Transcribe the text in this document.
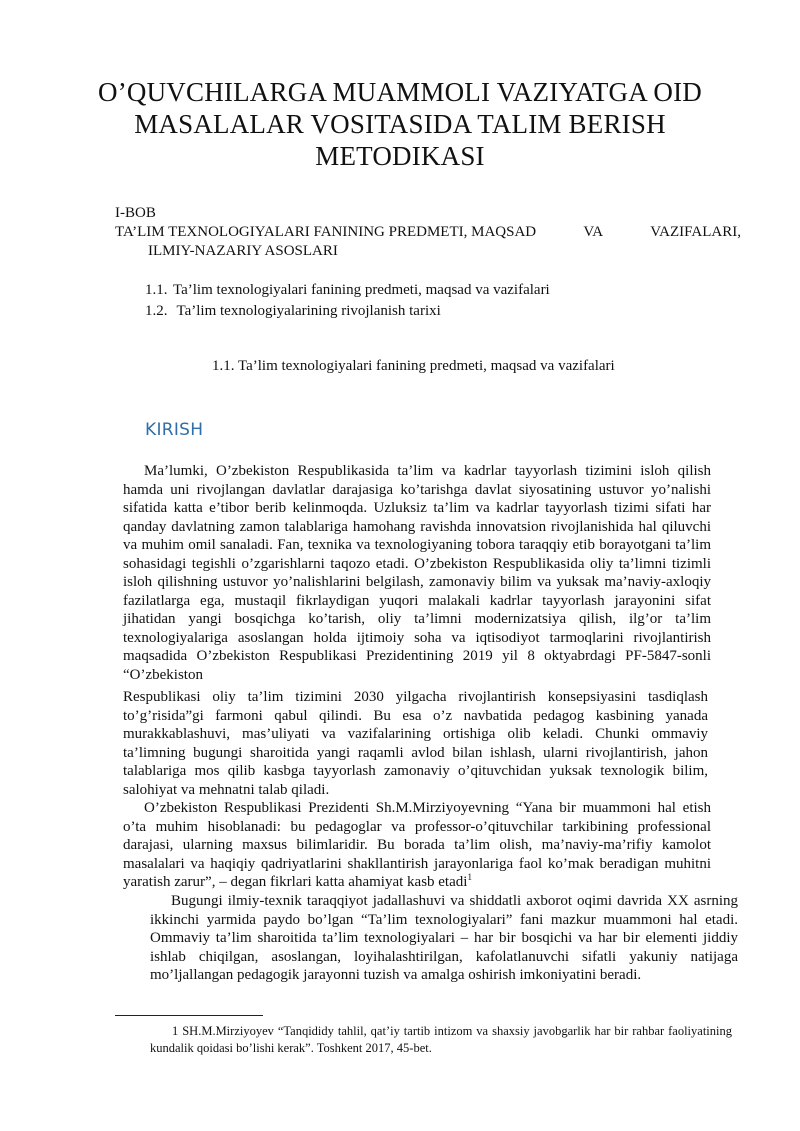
O’QUVCHILARGA MUAMMOLI VAZIYATGA OID MASALALAR VOSITASIDA TALIM BERISH METODIKASI
I-BOB
TA’LIM TEXNOLOGIYALARI FANINING PREDMETI, MAQSAD	VA	VAZIFALARI,
ILMIY-NAZARIY ASOSLARI
1.1. Ta’lim texnologiyalari fanining predmeti, maqsad va vazifalari
1.2. Ta’lim texnologiyalarining rivojlanish tarixi
1.1. Ta’lim texnologiyalari fanining predmeti, maqsad va vazifalari
KIRISH

Ma’lumki, O’zbekiston Respublikasida ta’lim va kadrlar tayyorlash tizimini isloh qilish hamda uni rivojlangan davlatlar darajasiga ko’tarishga davlat siyosatining ustuvor yo’nalishi sifatida katta e’tibor berib kelinmoqda. Uzluksiz ta’lim va kadrlar tayyorlash tizimi sifati har qanday davlatning zamon talablariga hamohang ravishda innovatsion rivojlanishida hal qiluvchi va muhim omil sanaladi. Fan, texnika va texnologiyaning tobora taraqqiy etib borayotgani ta’lim sohasidagi tegishli o’zgarishlarni taqozo etadi. O’zbekiston Respublikasida oliy ta’limni tizimli isloh qilishning ustuvor yo’nalishlarini belgilash, zamonaviy bilim va yuksak ma’naviy-axloqiy fazilatlarga ega, mustaqil fikrlaydigan yuqori malakali kadrlar tayyorlash jarayonini sifat jihatidan yangi bosqichga ko’tarish, oliy ta’limni modernizatsiya qilish, ilg’or ta’lim texnologiyalariga asoslangan holda ijtimoiy soha va iqtisodiyot tarmoqlarini rivojlantirish maqsadida O’zbekiston Respublikasi Prezidentining 2019 yil 8 oktyabrdagi PF-5847-sonli “O’zbekiston

Respublikasi oliy ta’lim tizimini 2030 yilgacha rivojlantirish konsepsiyasini tasdiqlash to’g’risida”gi farmoni qabul qilindi. Bu esa o’z navbatida pedagog kasbining yanada murakkablashuvi, mas’uliyati va vazifalarining ortishiga olib keladi. Chunki ommaviy ta’limning bugungi sharoitida yangi raqamli avlod bilan ishlash, ularni rivojlantirish, jahon talablariga mos qilib kasbga tayyorlash zamonaviy o’qituvchidan yuksak texnologik bilim, salohiyat va mehnatni talab qiladi.

O’zbekiston Respublikasi Prezidenti Sh.M.Mirziyoyevning “Yana bir muammoni hal etish o’ta muhim hisoblanadi: bu pedagoglar va professor-o’qituvchilar tarkibining professional darajasi, ularning maxsus bilimlaridir. Bu borada ta’lim olish, ma’naviy-ma’rifiy kamolot masalalari va haqiqiy qadriyatlarini shakllantirish jarayonlariga faol ko’mak beradigan muhitni yaratish zarur”, – degan fikrlari katta ahamiyat kasb etadi$^1$

Bugungi ilmiy-texnik taraqqiyot jadallashuvi va shiddatli axborot oqimi davrida XX asrning ikkinchi yarmida paydo bo’lgan “Ta’lim texnologiyalari” fani mazkur muammoni hal etadi. Ommaviy ta’lim sharoitida ta’lim texnologiyalari – har bir bosqichi va har bir elementi jiddiy ishlab chiqilgan, asoslangan, loyihalashtirilgan, kafolatlanuvchi sifatli yakuniy natijaga mo’ljallangan pedagogik jarayonni tuzish va amalga oshirish imkoniyatini beradi.

1 SH.M.Mirziyoyev “Tanqididy tahlil, qat’iy tartib intizom va shaxsiy javobgarlik har bir rahbar faoliyatining kundalik qoidasi bo’lishi kerak”. Toshkent 2017, 45-bet.
